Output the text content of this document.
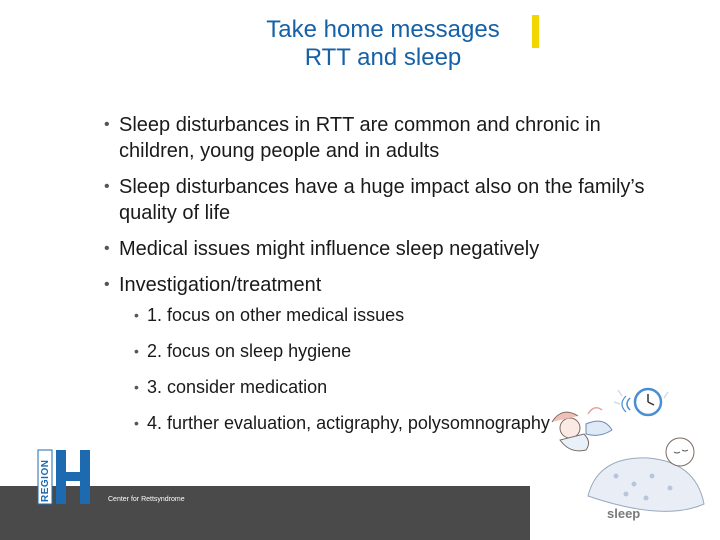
Take home messages
RTT and sleep
• Sleep disturbances in RTT are common and chronic in children, young people and in adults
• Sleep disturbances have a huge impact also on the family’s quality of life
• Medical issues might influence sleep negatively
• Investigation/treatment
• 1. focus on other medical issues
• 2. focus on sleep hygiene
• 3. consider medication
• 4. further evaluation, actigraphy, polysomnography
sleep
Center for Rettsyndrome
REGION
